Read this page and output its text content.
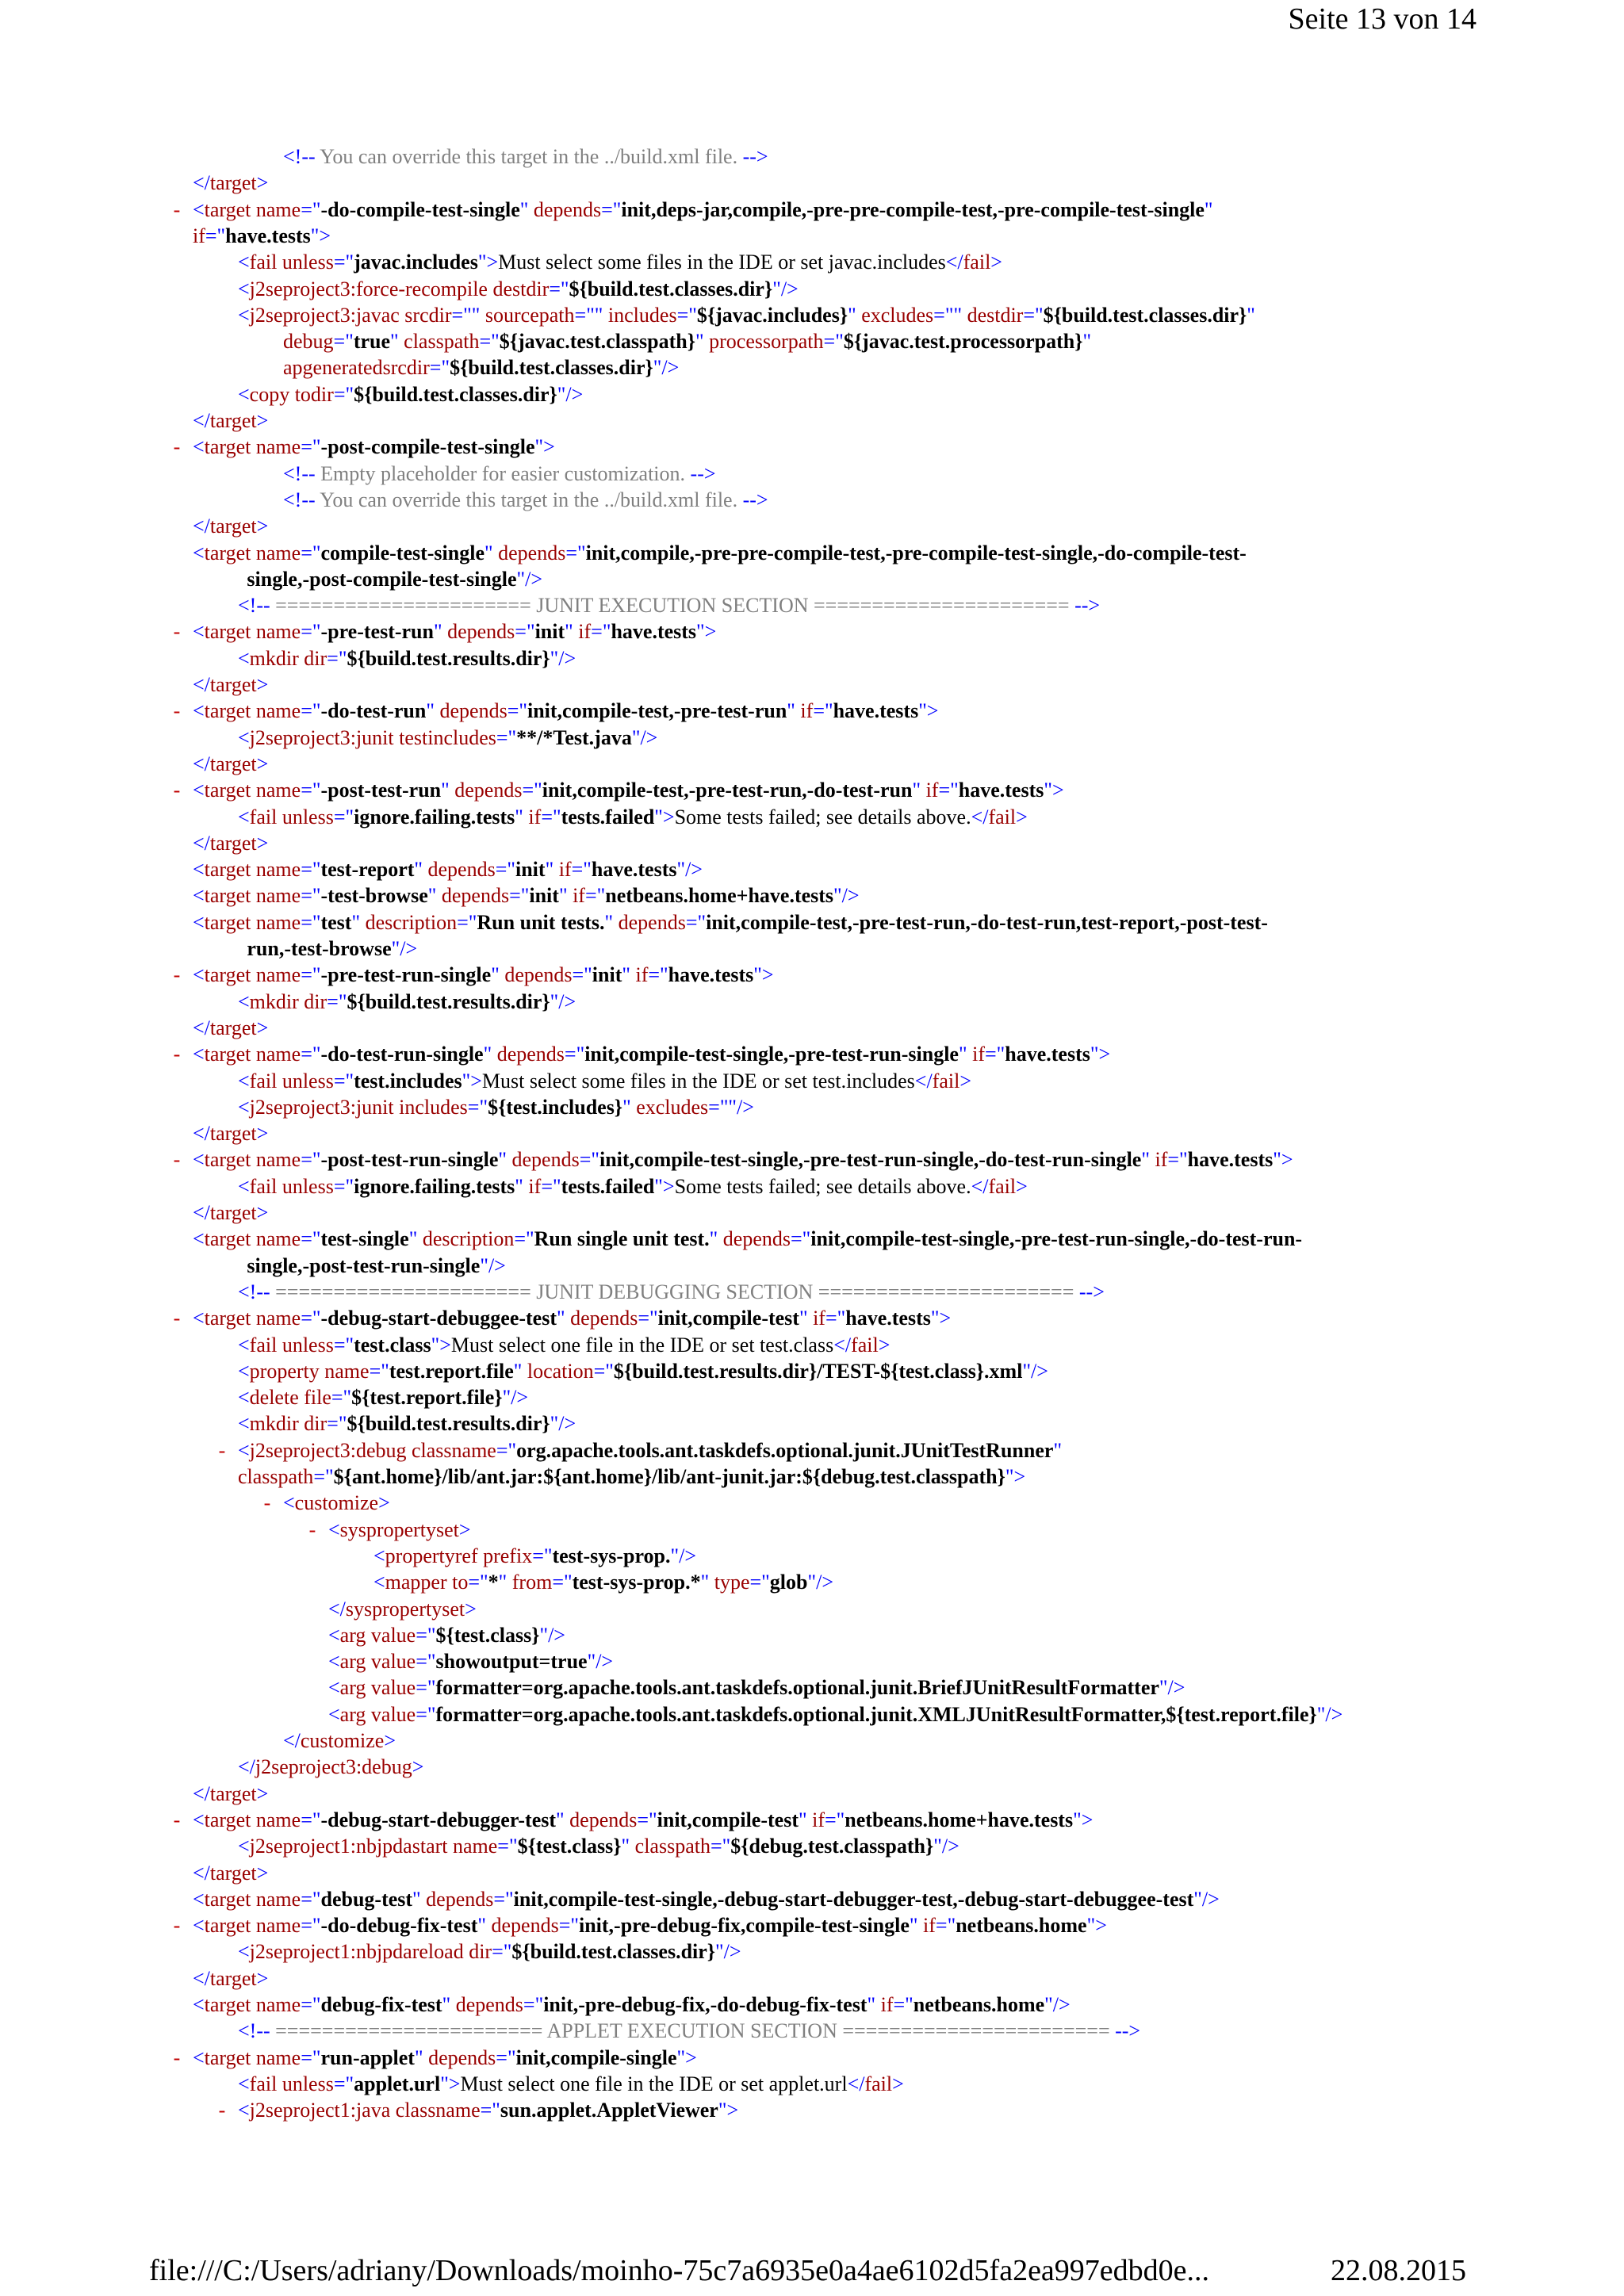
Seite 13 von 14
<!-- You can override this target in the ../build.xml file. -->
</target>
- <target name="-do-compile-test-single" depends="init,deps-jar,compile,-pre-pre-compile-test,-pre-compile-test-single"
if="have.tests">
<fail unless="javac.includes">Must select some files in the IDE or set javac.includes</fail>
<j2seproject3:force-recompile destdir="${build.test.classes.dir}"/>
<j2seproject3:javac srcdir="" sourcepath="" includes="${javac.includes}" excludes="" destdir="${build.test.classes.dir}"
debug="true" classpath="${javac.test.classpath}" processorpath="${javac.test.processorpath}"
apgeneratedsrcdir="${build.test.classes.dir}"/>
<copy todir="${build.test.classes.dir}"/>
</target>
- <target name="-post-compile-test-single">
<!-- Empty placeholder for easier customization. -->
<!-- You can override this target in the ../build.xml file. -->
</target>
<target name="compile-test-single" depends="init,compile,-pre-pre-compile-test,-pre-compile-test-single,-do-compile-test-
single,-post-compile-test-single"/>
<!-- ====================== JUNIT EXECUTION SECTION ====================== -->
- <target name="-pre-test-run" depends="init" if="have.tests">
<mkdir dir="${build.test.results.dir}"/>
</target>
- <target name="-do-test-run" depends="init,compile-test,-pre-test-run" if="have.tests">
<j2seproject3:junit testincludes="**/*Test.java"/>
</target>
- <target name="-post-test-run" depends="init,compile-test,-pre-test-run,-do-test-run" if="have.tests">
<fail unless="ignore.failing.tests" if="tests.failed">Some tests failed; see details above.</fail>
</target>
<target name="test-report" depends="init" if="have.tests"/>
<target name="-test-browse" depends="init" if="netbeans.home+have.tests"/>
<target name="test" description="Run unit tests." depends="init,compile-test,-pre-test-run,-do-test-run,test-report,-post-test-
run,-test-browse"/>
- <target name="-pre-test-run-single" depends="init" if="have.tests">
<mkdir dir="${build.test.results.dir}"/>
</target>
- <target name="-do-test-run-single" depends="init,compile-test-single,-pre-test-run-single" if="have.tests">
<fail unless="test.includes">Must select some files in the IDE or set test.includes</fail>
<j2seproject3:junit includes="${test.includes}" excludes=""/>
</target>
- <target name="-post-test-run-single" depends="init,compile-test-single,-pre-test-run-single,-do-test-run-single" if="have.tests">
<fail unless="ignore.failing.tests" if="tests.failed">Some tests failed; see details above.</fail>
</target>
<target name="test-single" description="Run single unit test." depends="init,compile-test-single,-pre-test-run-single,-do-test-run-
single,-post-test-run-single"/>
<!-- ====================== JUNIT DEBUGGING SECTION ====================== -->
- <target name="-debug-start-debuggee-test" depends="init,compile-test" if="have.tests">
<fail unless="test.class">Must select one file in the IDE or set test.class</fail>
<property name="test.report.file" location="${build.test.results.dir}/TEST-${test.class}.xml"/>
<delete file="${test.report.file}"/>
<mkdir dir="${build.test.results.dir}"/>
- <j2seproject3:debug classname="org.apache.tools.ant.taskdefs.optional.junit.JUnitTestRunner"
classpath="${ant.home}/lib/ant.jar:${ant.home}/lib/ant-junit.jar:${debug.test.classpath}">
- <customize>
- <syspropertyset>
<propertyref prefix="test-sys-prop."/>
<mapper to="*" from="test-sys-prop.*" type="glob"/>
</syspropertyset>
<arg value="${test.class}"/>
<arg value="showoutput=true"/>
<arg value="formatter=org.apache.tools.ant.taskdefs.optional.junit.BriefJUnitResultFormatter"/>
<arg value="formatter=org.apache.tools.ant.taskdefs.optional.junit.XMLJUnitResultFormatter,${test.report.file}"/>
</customize>
</j2seproject3:debug>
</target>
- <target name="-debug-start-debugger-test" depends="init,compile-test" if="netbeans.home+have.tests">
<j2seproject1:nbjpdastart name="${test.class}" classpath="${debug.test.classpath}"/>
</target>
<target name="debug-test" depends="init,compile-test-single,-debug-start-debugger-test,-debug-start-debuggee-test"/>
- <target name="-do-debug-fix-test" depends="init,-pre-debug-fix,compile-test-single" if="netbeans.home">
<j2seproject1:nbjpdareload dir="${build.test.classes.dir}"/>
</target>
<target name="debug-fix-test" depends="init,-pre-debug-fix,-do-debug-fix-test" if="netbeans.home"/>
<!-- ======================= APPLET EXECUTION SECTION ======================= -->
- <target name="run-applet" depends="init,compile-single">
<fail unless="applet.url">Must select one file in the IDE or set applet.url</fail>
- <j2seproject1:java classname="sun.applet.AppletViewer">
file:///C:/Users/adriany/Downloads/moinho-75c7a6935e0a4ae6102d5fa2ea997edbd0e...	22.08.2015
